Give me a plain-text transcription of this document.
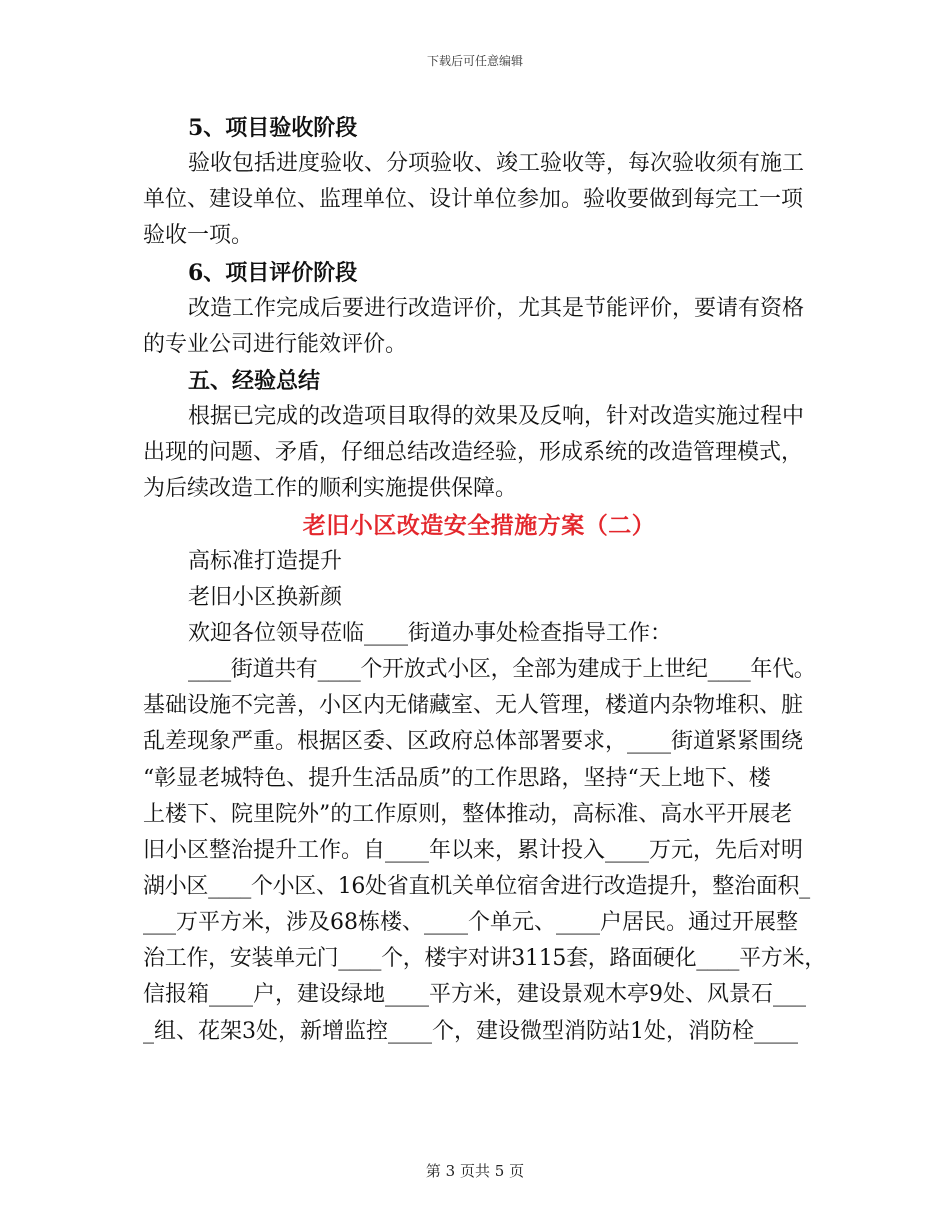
下载后可任意编辑
5、项目验收阶段
验收包括进度验收、分项验收、竣工验收等，每次验收须有施工
单位、建设单位、监理单位、设计单位参加。验收要做到每完工一项
验收一项。
6、项目评价阶段
改造工作完成后要进行改造评价，尤其是节能评价，要请有资格
的专业公司进行能效评价。
五、经验总结
根据已完成的改造项目取得的效果及反响，针对改造实施过程中
出现的问题、矛盾，仔细总结改造经验，形成系统的改造管理模式，
为后续改造工作的顺利实施提供保障。
老旧小区改造安全措施方案（二）
高标准打造提升
老旧小区换新颜
欢迎各位领导莅临____街道办事处检查指导工作：
____街道共有____个开放式小区，全部为建成于上世纪____年代。
基础设施不完善，小区内无储藏室、无人管理，楼道内杂物堆积、脏
乱差现象严重。根据区委、区政府总体部署要求，____街道紧紧围绕
“彰显老城特色、提升生活品质”的工作思路，坚持“天上地下、楼
上楼下、院里院外”的工作原则，整体推动，高标准、高水平开展老
旧小区整治提升工作。自____年以来，累计投入____万元，先后对明
湖小区____个小区、16处省直机关单位宿舍进行改造提升，整治面积_
___万平方米，涉及68栋楼、____个单元、____户居民。通过开展整
治工作，安装单元门____个，楼宇对讲3115套，路面硬化____平方米，
信报箱____户，建设绿地____平方米，建设景观木亭9处、风景石___
_组、花架3处，新增监控____个，建设微型消防站1处，消防栓____
第 3 页共 5 页
